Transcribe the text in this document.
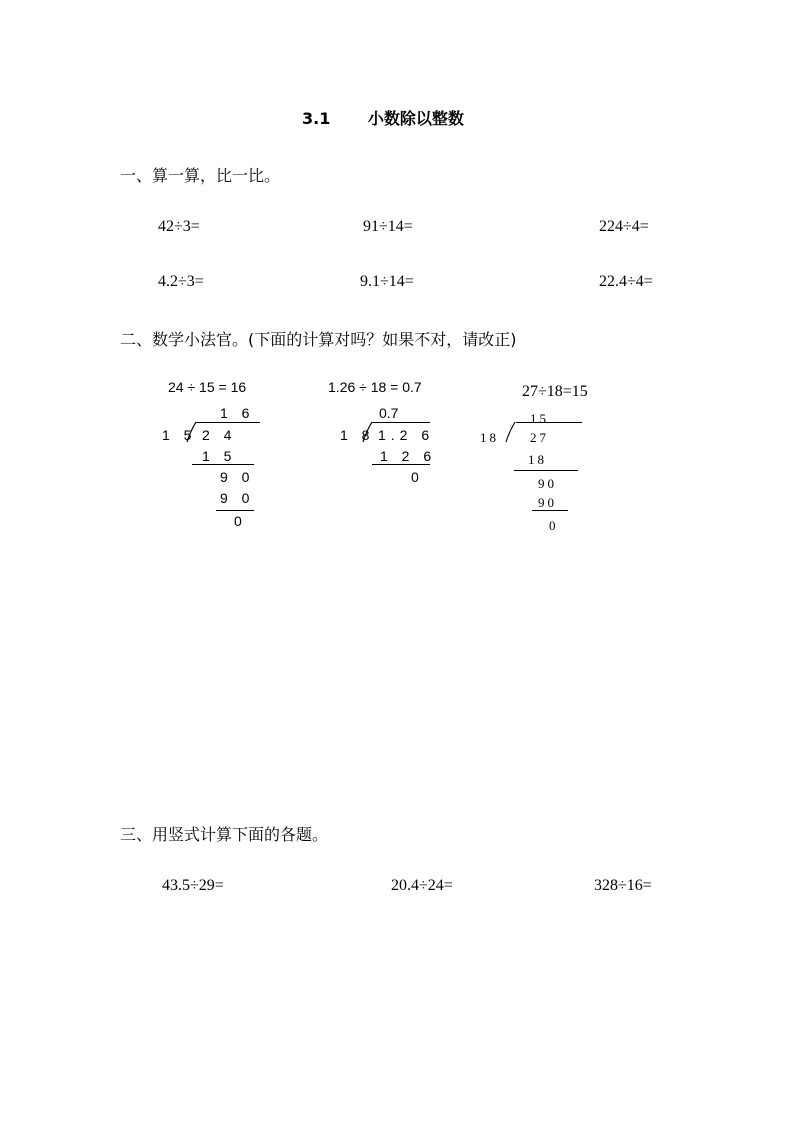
3.1　　 小数除以整数
一、算一算，比一比。
42÷3=	91÷14=	224÷4=
4.2÷3=	9.1÷14=	22.4÷4=
二、数学小法官。(下面的计算对吗？如果不对，请改正)
24 ÷ 15 = 16
1 6
1 5 2 4
1 5
9 0
9 0
0
1.26 ÷ 18 = 0.7
0.7
1 8 1.2 6
1 2 6
0
27÷18=15
15
18 27
18
90
90
0
三、用竖式计算下面的各题。
43.5÷29=	20.4÷24=	328÷16=
